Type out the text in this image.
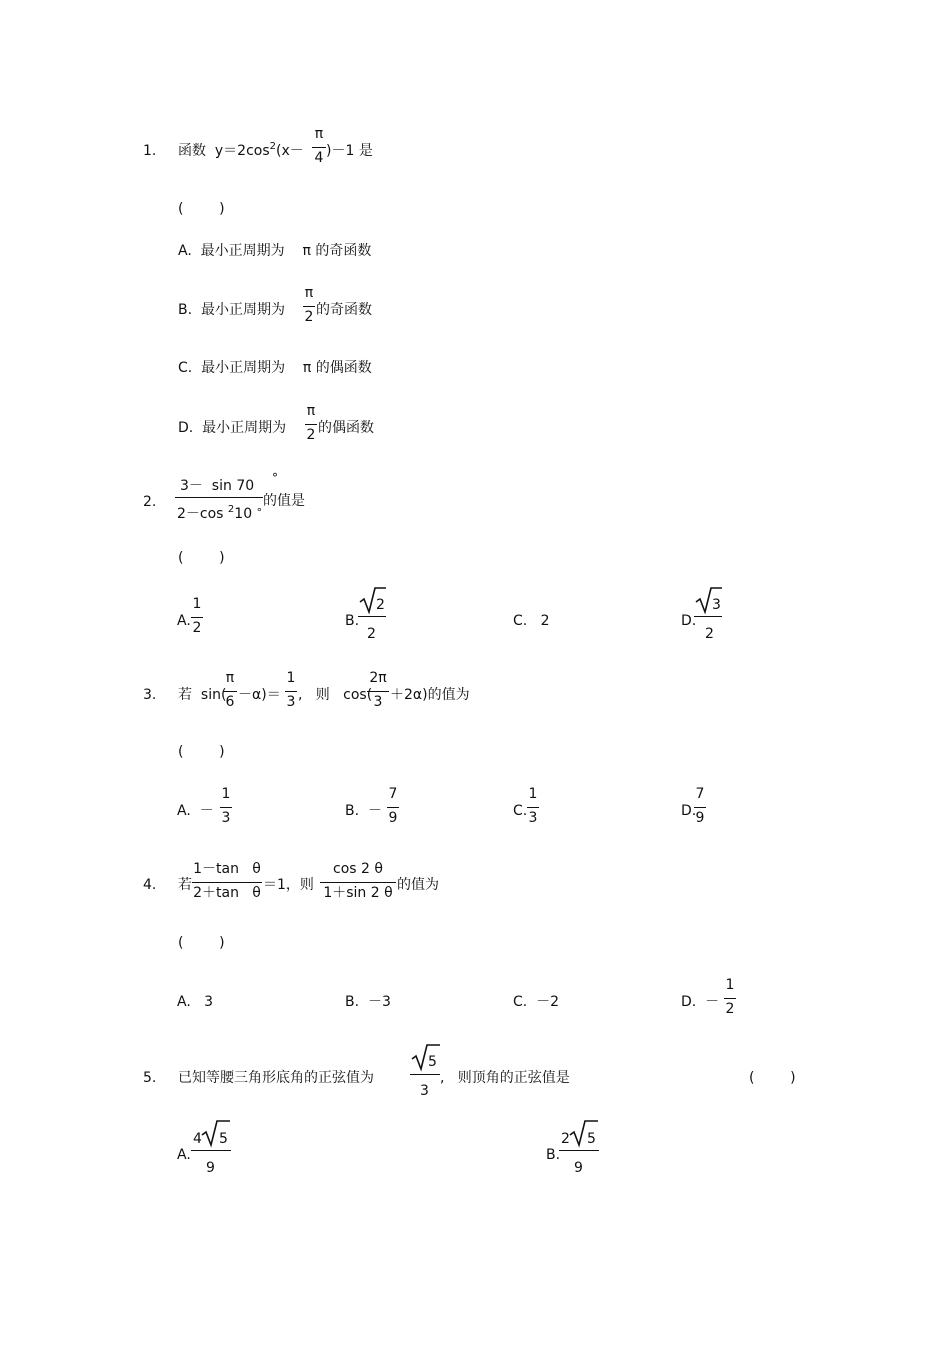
1. 函数  $y=2\cos^2(x-$
π
4 )－1 是
(        )
A.  最小正周期为    π 的奇函数
B.  最小正周期为
π
2 的奇函数
C.  最小正周期为    π 的偶函数
D.  最小正周期为
π
2 的偶函数
2.
3－  sin 70 °
2－cos $^2$10 °
的值是
(        )
A.
1
2	B.
2
2
C.   2	D.
3
2
3. 若  sin(
π
6 －α)＝
1
3 ,   则   cos(
2π
3 ＋2α)的值为
(        )
A.  －
1
3	B.  －
7
9	C.
1
3	D.
7
9
4. 若
1－tan   θ
2＋tan   θ ＝1，则
cos 2 θ
1＋sin 2 θ 的值为
(        )
A.   3	B.  －3	C.  －2	D.  －
1
2
5. 已知等腰三角形底角的正弦值为
5
3
,   则顶角的正弦值是	(        )
A.
4 5
9
B.
2 5
9
